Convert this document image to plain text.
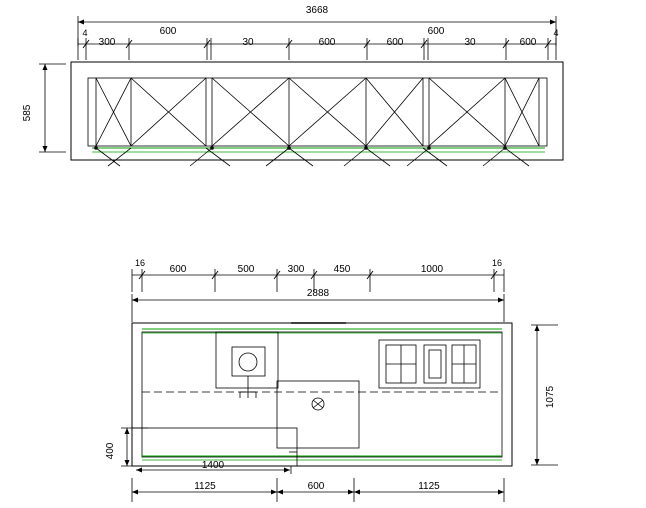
3668
4
300
600
30	600	600
600
30	600
4
585
16
600	500	300	450	1000
16
2888
1075
400
1400
1125	600	1125
